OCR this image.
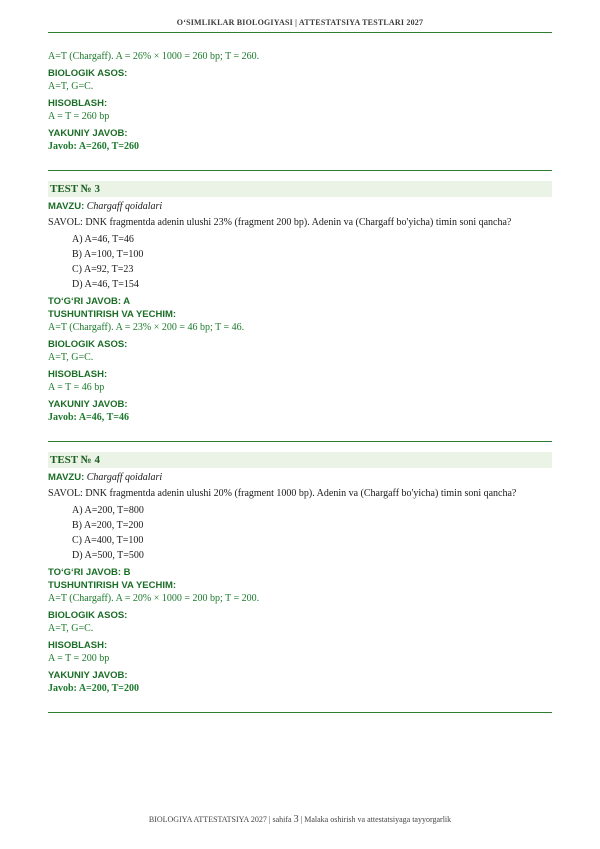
O‘SIMLIKLAR BIOLOGIYASI | ATTESTATSIYA TESTLARI 2027
A=T (Chargaff). A = 26% × 1000 = 260 bp; T = 260.
BIOLOGIK ASOS:
A=T, G=C.
HISOBLASH:
A = T = 260 bp
YAKUNIY JAVOB:
Javob: A=260, T=260
TEST № 3
MAVZU: Chargaff qoidalari
SAVOL: DNK fragmentda adenin ulushi 23% (fragment 200 bp). Adenin va (Chargaff bo'yicha) timin soni qancha?
A) A=46, T=46
B) A=100, T=100
C) A=92, T=23
D) A=46, T=154
TO‘G‘RI JAVOB: A
TUSHUNTIRISH VA YECHIM:
A=T (Chargaff). A = 23% × 200 = 46 bp; T = 46.
BIOLOGIK ASOS:
A=T, G=C.
HISOBLASH:
A = T = 46 bp
YAKUNIY JAVOB:
Javob: A=46, T=46
TEST № 4
MAVZU: Chargaff qoidalari
SAVOL: DNK fragmentda adenin ulushi 20% (fragment 1000 bp). Adenin va (Chargaff bo'yicha) timin soni qancha?
A) A=200, T=800
B) A=200, T=200
C) A=400, T=100
D) A=500, T=500
TO‘G‘RI JAVOB: B
TUSHUNTIRISH VA YECHIM:
A=T (Chargaff). A = 20% × 1000 = 200 bp; T = 200.
BIOLOGIK ASOS:
A=T, G=C.
HISOBLASH:
A = T = 200 bp
YAKUNIY JAVOB:
Javob: A=200, T=200
BIOLOGIYA ATTESTATSIYA 2027 | sahifa 3 | Malaka oshirish va attestatsiyaga tayyorgarlik
